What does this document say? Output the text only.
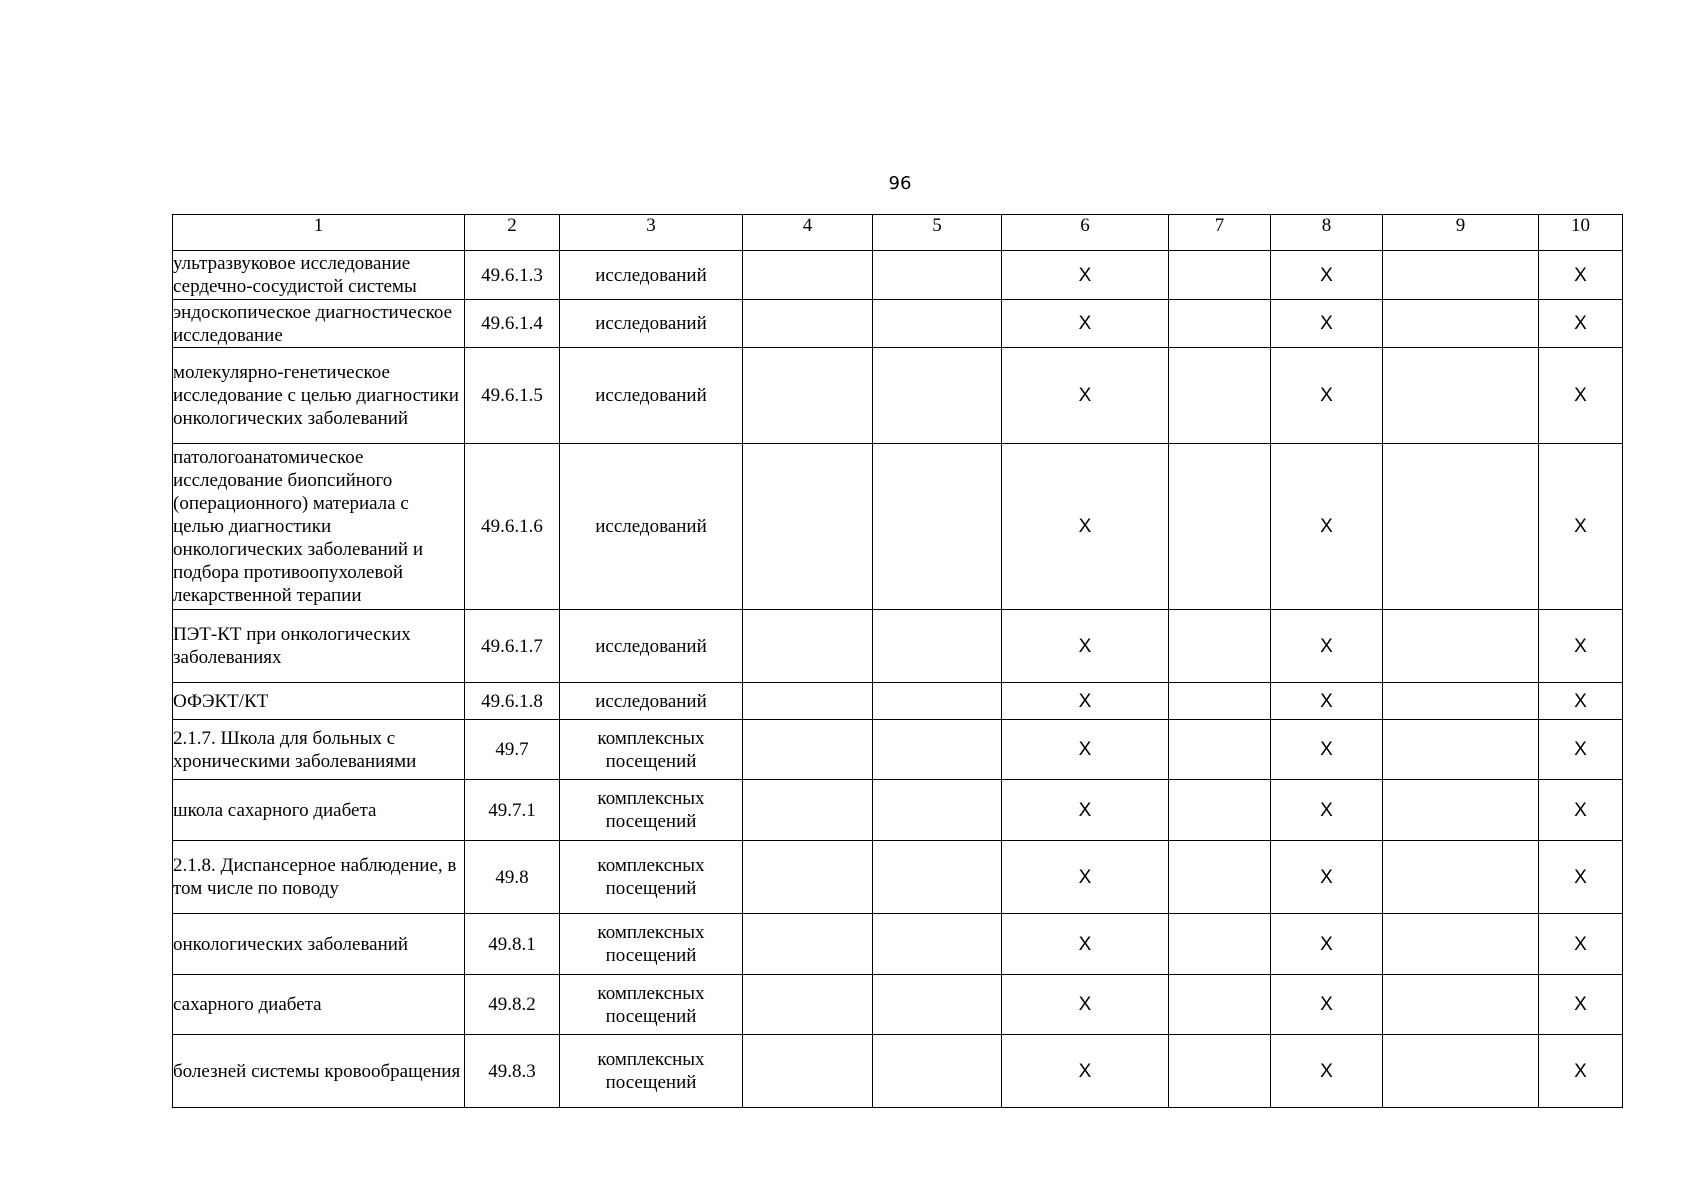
96
1	2	3	4	5	6	7	8	9	10
ультразвуковое исследование сердечно-сосудистой системы	49.6.1.3	исследований			X		X		X
эндоскопическое диагностическое исследование	49.6.1.4	исследований			X		X		X
молекулярно-генетическое исследование с целью диагностики онкологических заболеваний	49.6.1.5	исследований			X		X		X
патологоанатомическое исследование биопсийного (операционного) материала с целью диагностики онкологических заболеваний и подбора противоопухолевой лекарственной терапии	49.6.1.6	исследований			X		X		X
ПЭТ-КТ при онкологических заболеваниях	49.6.1.7	исследований			X		X		X
ОФЭКТ/КТ	49.6.1.8	исследований			X		X		X
2.1.7. Школа для больных с хроническими заболеваниями	49.7	комплексных посещений			X		X		X
школа сахарного диабета	49.7.1	комплексных посещений			X		X		X
2.1.8. Диспансерное наблюдение, в том числе по поводу	49.8	комплексных посещений			X		X		X
онкологических заболеваний	49.8.1	комплексных посещений			X		X		X
сахарного диабета	49.8.2	комплексных посещений			X		X		X
болезней системы кровообращения	49.8.3	комплексных посещений			X		X		X
